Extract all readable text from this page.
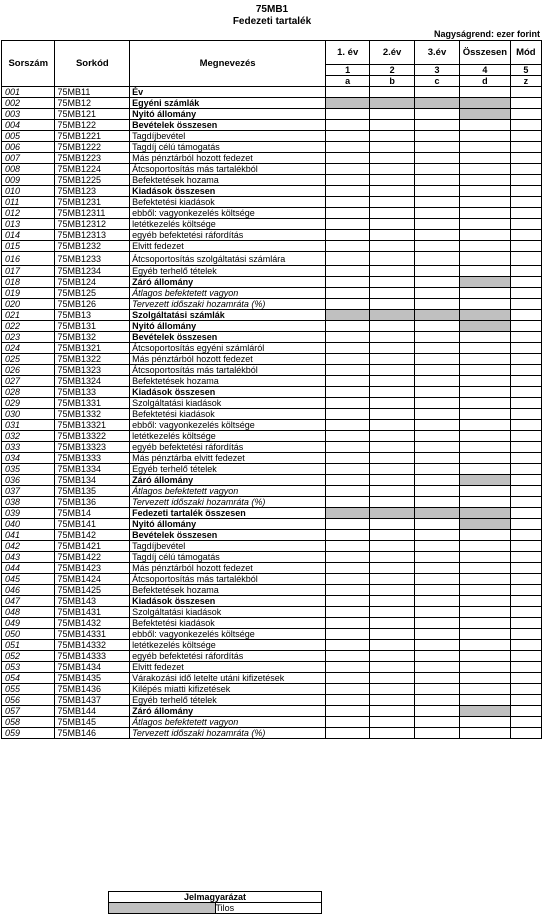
75MB1
Fedezeti tartalék
Nagyságrend: ezer forint
Sorszám	Sorkód	Megnevezés	1. év	2.év	3.év	Összesen	Mód
			1	2	3	4	5
			a	b	c	d	z
001	75MB11	Év					
002	75MB12	Egyéni számlák					
003	75MB121	Nyitó állomány					
004	75MB122	Bevételek összesen					
005	75MB1221	Tagdíjbevétel					
006	75MB1222	Tagdíj célú támogatás					
007	75MB1223	Más pénztárból hozott fedezet					
008	75MB1224	Átcsoportosítás más tartalékból					
009	75MB1225	Befektetések hozama					
010	75MB123	Kiadások összesen					
011	75MB1231	Befektetési kiadások					
012	75MB12311	ebből: vagyonkezelés költsége					
013	75MB12312	letétkezelés költsége					
014	75MB12313	egyéb befektetési ráfordítás					
015	75MB1232	Elvitt fedezet					
016	75MB1233	Átcsoportosítás szolgáltatási számlára					
017	75MB1234	Egyéb terhelő tételek					
018	75MB124	Záró állomány					
019	75MB125	Átlagos befektetett vagyon					
020	75MB126	Tervezett időszaki hozamráta (%)					
021	75MB13	Szolgáltatási számlák					
022	75MB131	Nyitó állomány					
023	75MB132	Bevételek összesen					
024	75MB1321	Átcsoportosítás egyéni számláról					
025	75MB1322	Más pénztárból hozott fedezet					
026	75MB1323	Átcsoportosítás más tartalékból					
027	75MB1324	Befektetések hozama					
028	75MB133	Kiadások összesen					
029	75MB1331	Szolgáltatási kiadások					
030	75MB1332	Befektetési kiadások					
031	75MB13321	ebből: vagyonkezelés költsége					
032	75MB13322	letétkezelés költsége					
033	75MB13323	egyéb befektetési ráfordítás					
034	75MB1333	Más pénztárba elvitt fedezet					
035	75MB1334	Egyéb terhelő tételek					
036	75MB134	Záró állomány					
037	75MB135	Átlagos befektetett vagyon					
038	75MB136	Tervezett időszaki hozamráta (%)					
039	75MB14	Fedezeti tartalék összesen					
040	75MB141	Nyitó állomány					
041	75MB142	Bevételek összesen					
042	75MB1421	Tagdíjbevétel					
043	75MB1422	Tagdíj célú támogatás					
044	75MB1423	Más pénztárból hozott fedezet					
045	75MB1424	Átcsoportosítás más tartalékból					
046	75MB1425	Befektetések hozama					
047	75MB143	Kiadások összesen					
048	75MB1431	Szolgáltatási kiadások					
049	75MB1432	Befektetési kiadások					
050	75MB14331	ebből: vagyonkezelés költsége					
051	75MB14332	letétkezelés költsége					
052	75MB14333	egyéb befektetési ráfordítás					
053	75MB1434	Elvitt fedezet					
054	75MB1435	Várakozási idő letelte utáni kifizetések					
055	75MB1436	Kilépés miatti kifizetések					
056	75MB1437	Egyéb terhelő tételek					
057	75MB144	Záró állomány					
058	75MB145	Átlagos befektetett vagyon					
059	75MB146	Tervezett időszaki hozamráta (%)					
Jelmagyarázat
	Tilos
